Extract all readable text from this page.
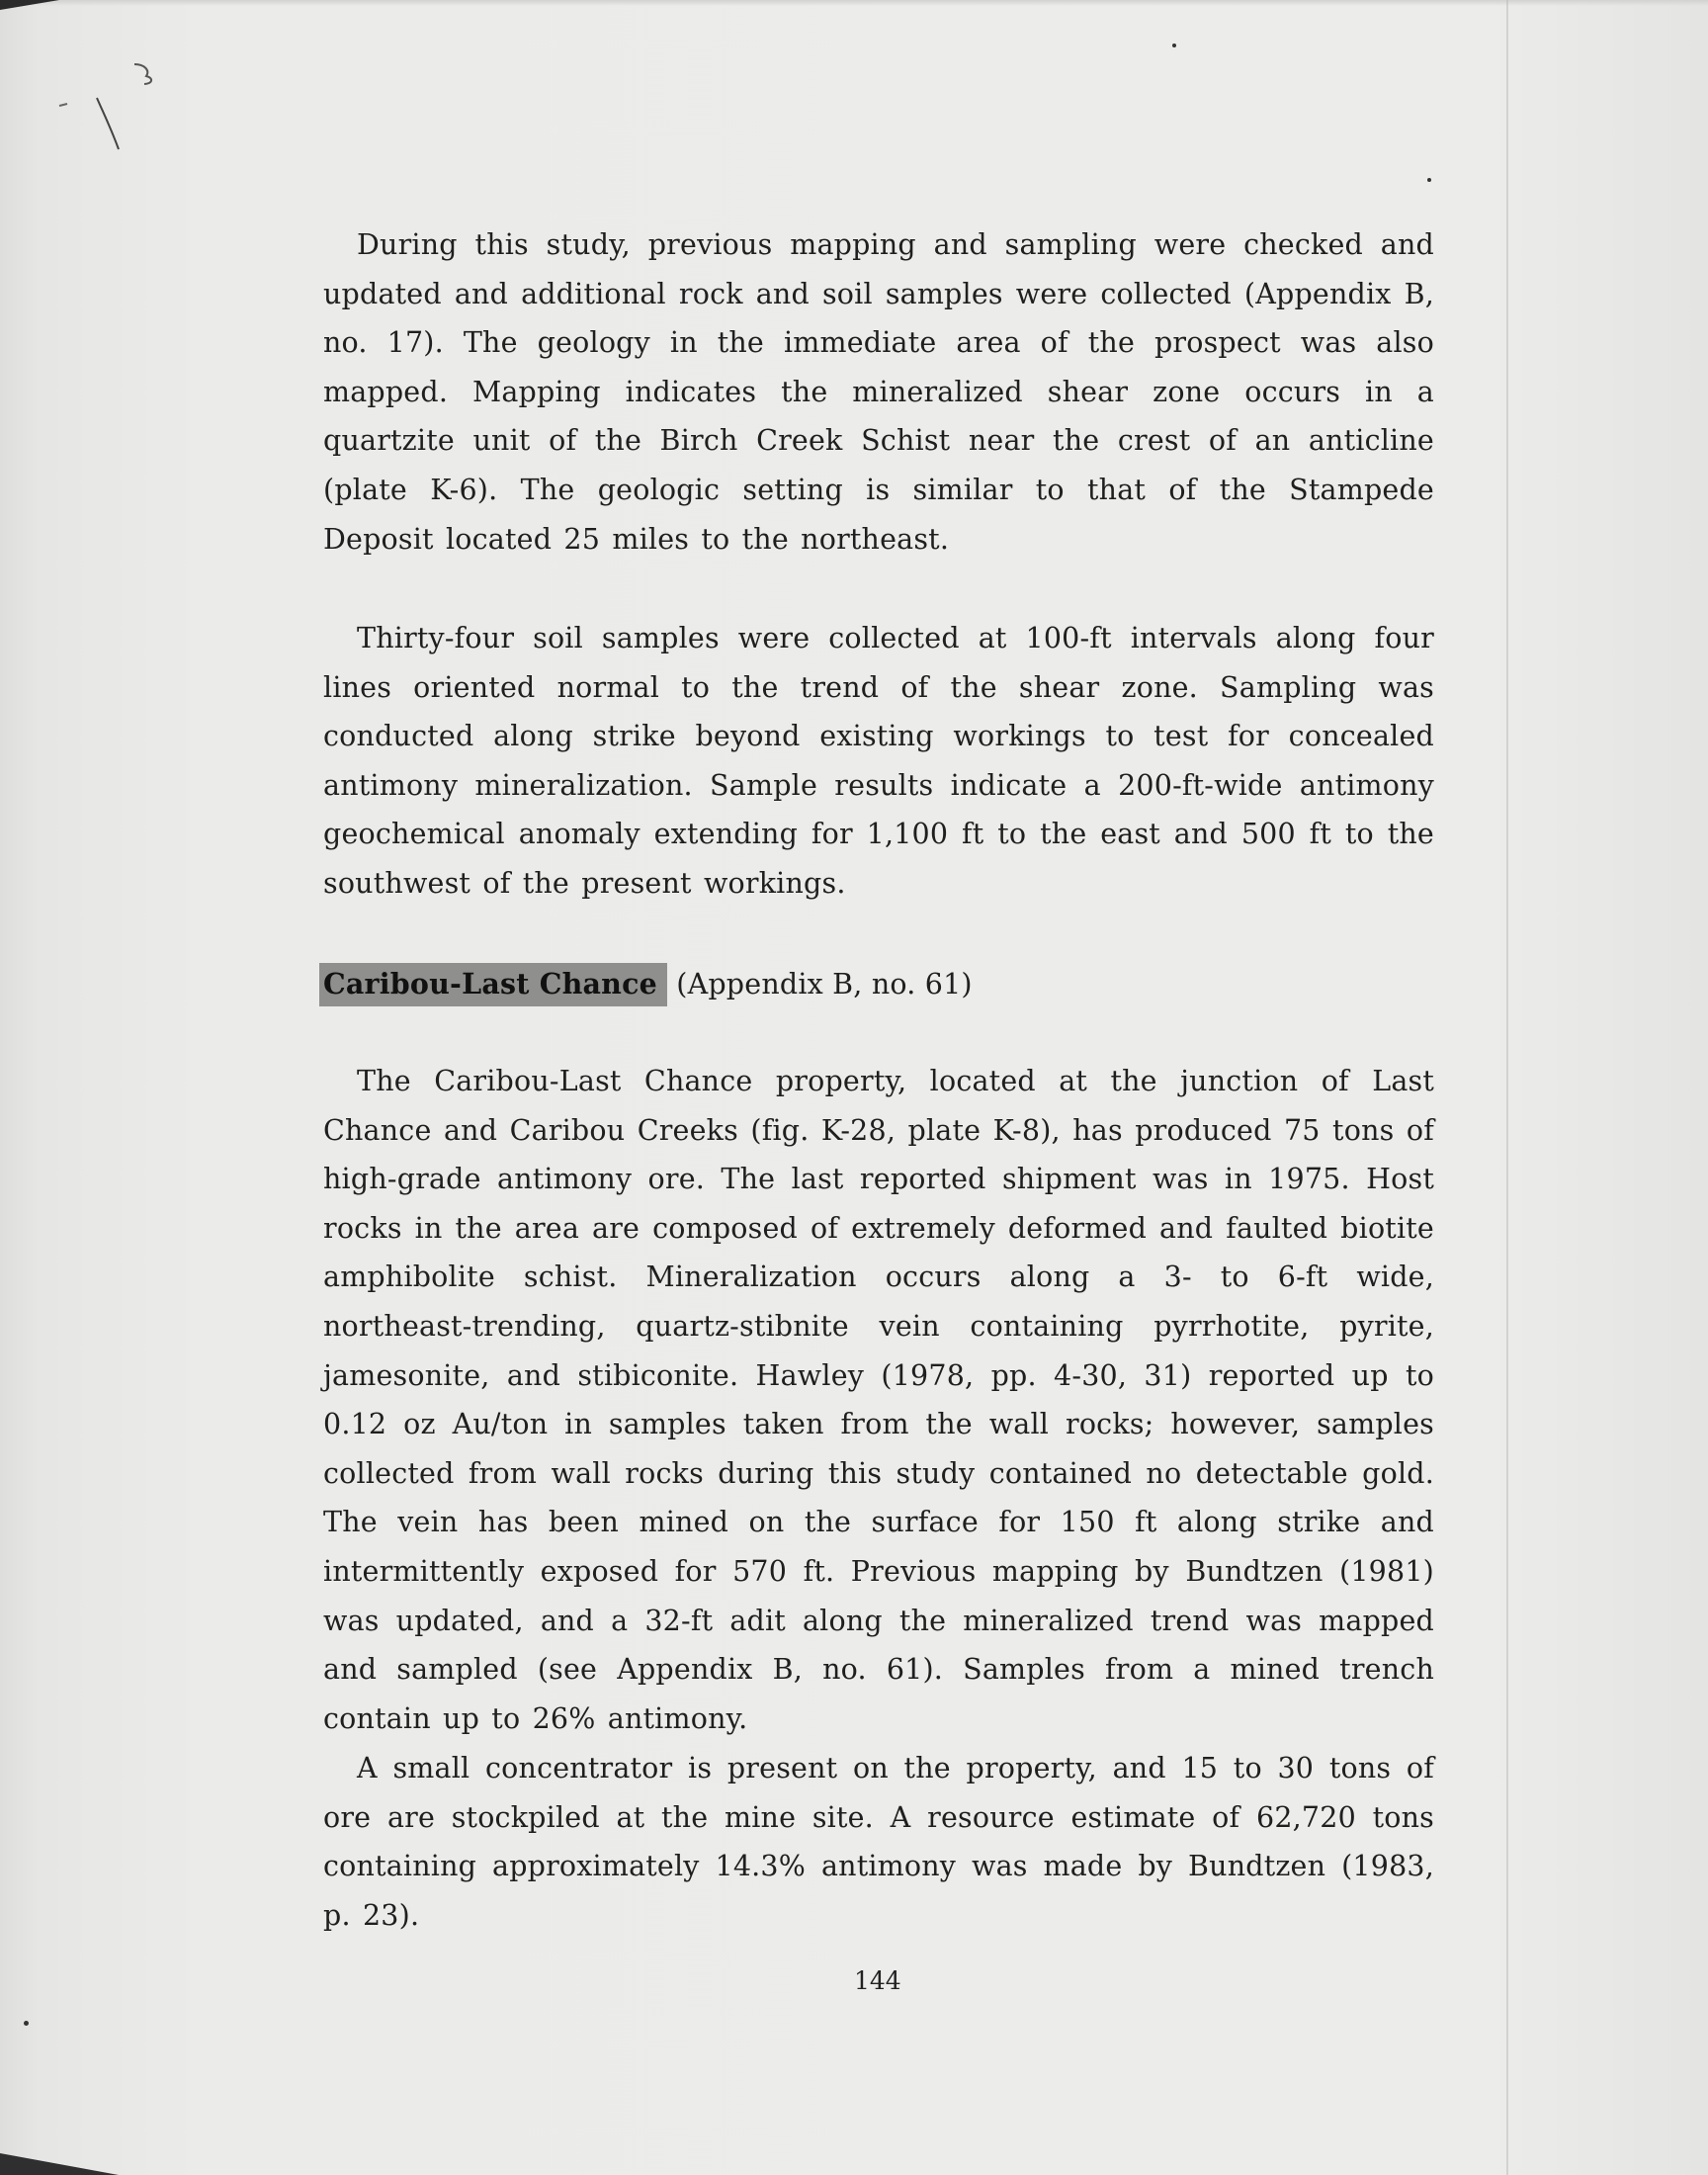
During this study, previous mapping and sampling were checked and updated and additional rock and soil samples were collected (Appendix B, no. 17). The geology in the immediate area of the prospect was also mapped. Mapping indicates the mineralized shear zone occurs in a quartzite unit of the Birch Creek Schist near the crest of an anticline (plate K-6). The geologic setting is similar to that of the Stampede Deposit located 25 miles to the northeast.

Thirty-four soil samples were collected at 100-ft intervals along four lines oriented normal to the trend of the shear zone. Sampling was conducted along strike beyond existing workings to test for concealed antimony mineralization. Sample results indicate a 200-ft-wide antimony geochemical anomaly extending for 1,100 ft to the east and 500 ft to the southwest of the present workings.

Caribou-Last Chance (Appendix B, no. 61)

The Caribou-Last Chance property, located at the junction of Last Chance and Caribou Creeks (fig. K-28, plate K-8), has produced 75 tons of high-grade antimony ore. The last reported shipment was in 1975. Host rocks in the area are composed of extremely deformed and faulted biotite amphibolite schist. Mineralization occurs along a 3- to 6-ft wide, northeast-trending, quartz-stibnite vein containing pyrrhotite, pyrite, jamesonite, and stibiconite. Hawley (1978, pp. 4-30, 31) reported up to 0.12 oz Au/ton in samples taken from the wall rocks; however, samples collected from wall rocks during this study contained no detectable gold. The vein has been mined on the surface for 150 ft along strike and intermittently exposed for 570 ft. Previous mapping by Bundtzen (1981) was updated, and a 32-ft adit along the mineralized trend was mapped and sampled (see Appendix B, no. 61). Samples from a mined trench contain up to 26% antimony.

A small concentrator is present on the property, and 15 to 30 tons of ore are stockpiled at the mine site. A resource estimate of 62,720 tons containing approximately 14.3% antimony was made by Bundtzen (1983, p. 23).

144
